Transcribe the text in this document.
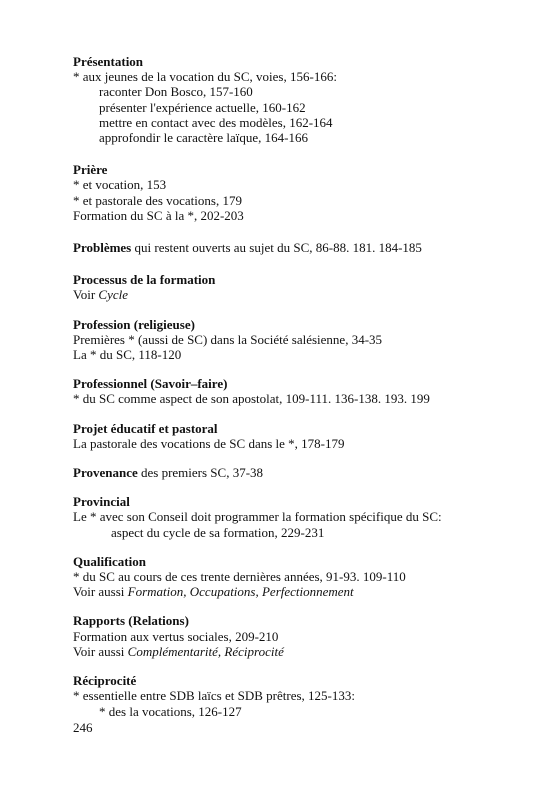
Présentation
* aux jeunes de la vocation du SC, voies, 156-166:
raconter Don Bosco, 157-160
présenter l'expérience actuelle, 160-162
mettre en contact avec des modèles, 162-164
approfondir le caractère laïque, 164-166
Prière
* et vocation, 153
* et pastorale des vocations, 179
Formation du SC à la *, 202-203
Problèmes qui restent ouverts au sujet du SC, 86-88. 181. 184-185
Processus de la formation
Voir Cycle
Profession (religieuse)
Premières * (aussi de SC) dans la Société salésienne, 34-35
La * du SC, 118-120
Professionnel (Savoir–faire)
* du SC comme aspect de son apostolat, 109-111. 136-138. 193. 199
Projet éducatif et pastoral
La pastorale des vocations de SC dans le *, 178-179
Provenance des premiers SC, 37-38
Provincial
Le * avec son Conseil doit programmer la formation spécifique du SC:
aspect du cycle de sa formation, 229-231
Qualification
* du SC au cours de ces trente dernières années, 91-93. 109-110
Voir aussi Formation, Occupations, Perfectionnement
Rapports (Relations)
Formation aux vertus sociales, 209-210
Voir aussi Complémentarité, Réciprocité
Réciprocité
* essentielle entre SDB laïcs et SDB prêtres, 125-133:
* des la vocations, 126-127
246
